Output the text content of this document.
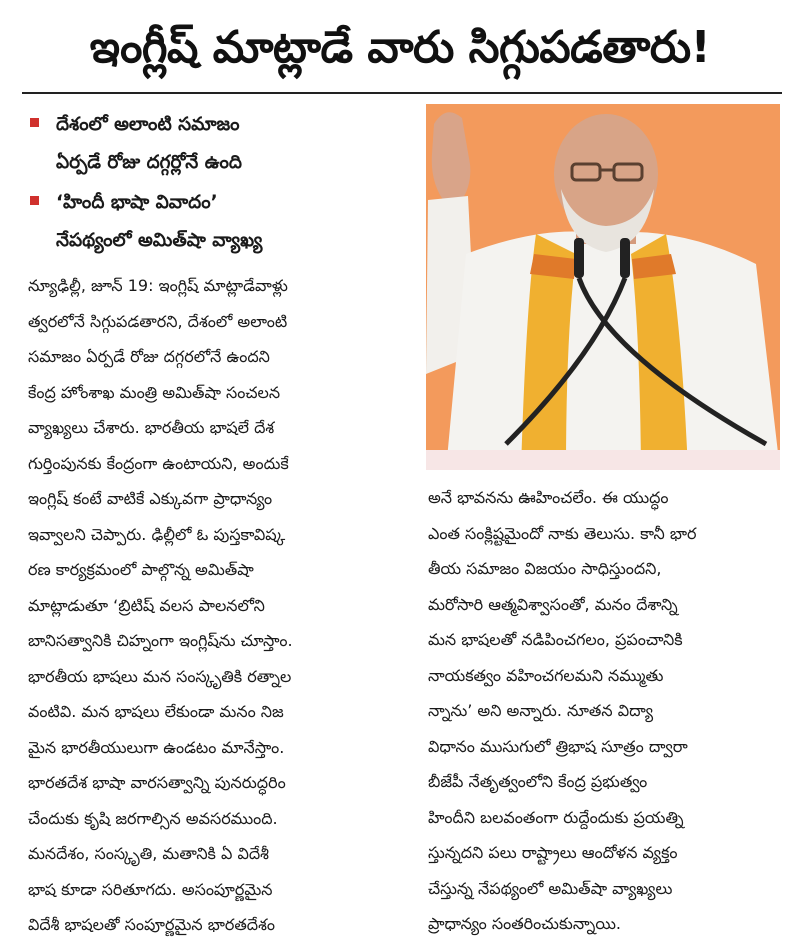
ఇంగ్లీష్ మాట్లాడే వారు సిగ్గుపడతారు!
దేశంలో అలాంటి సమాజం
ఏర్పడే రోజు దగ్గర్లోనే ఉంది
‘హిందీ భాషా వివాదం’
నేపథ్యంలో అమిత్‌షా వ్యాఖ్య
న్యూఢిల్లీ, జూన్ 19: ఇంగ్లిష్ మాట్లాడేవాళ్లు
త్వరలోనే సిగ్గుపడతారని, దేశంలో అలాంటి
సమాజం ఏర్పడే రోజు దగ్గరలోనే ఉందని
కేంద్ర హోంశాఖ మంత్రి అమిత్‌షా సంచలన
వ్యాఖ్యలు చేశారు. భారతీయ భాషలే దేశ
గుర్తింపునకు కేంద్రంగా ఉంటాయని, అందుకే
ఇంగ్లిష్ కంటే వాటికే ఎక్కువగా ప్రాధాన్యం
ఇవ్వాలని చెప్పారు. ఢిల్లీలో ఓ పుస్తకావిష్క
రణ కార్యక్రమంలో పాల్గొన్న అమిత్‌షా
మాట్లాడుతూ ‘బ్రిటిష్ వలస పాలనలోని
బానిసత్వానికి చిహ్నంగా ఇంగ్లిష్‌ను చూస్తాం.
భారతీయ భాషలు మన సంస్కృతికి రత్నాల
వంటివి. మన భాషలు లేకుండా మనం నిజ
మైన భారతీయులుగా ఉండటం మానేస్తాం.
భారతదేశ భాషా వారసత్వాన్ని పునరుద్ధరిం
చేందుకు కృషి జరగాల్సిన అవసరముంది.
మనదేశం, సంస్కృతి, మతానికి ఏ విదేశీ
భాష కూడా సరితూగదు. అసంపూర్ణమైన
విదేశీ భాషలతో సంపూర్ణమైన భారతదేశం
అనే భావనను ఊహించలేం. ఈ యుద్ధం
ఎంత సంక్లిష్టమైందో నాకు తెలుసు. కానీ భార
తీయ సమాజం విజయం సాధిస్తుందని,
మరోసారి ఆత్మవిశ్వాసంతో, మనం దేశాన్ని
మన భాషలతో నడిపించగలం, ప్రపంచానికి
నాయకత్వం వహించగలమని నమ్ముతు
న్నాను’ అని అన్నారు. నూతన విద్యా
విధానం ముసుగులో త్రిభాష సూత్రం ద్వారా
బీజేపీ నేతృత్వంలోని కేంద్ర ప్రభుత్వం
హిందీని బలవంతంగా రుద్దేందుకు ప్రయత్ని
స్తున్నదని పలు రాష్ట్రాలు ఆందోళన వ్యక్తం
చేస్తున్న నేపథ్యంలో అమిత్‌షా వ్యాఖ్యలు
ప్రాధాన్యం సంతరించుకున్నాయి.
